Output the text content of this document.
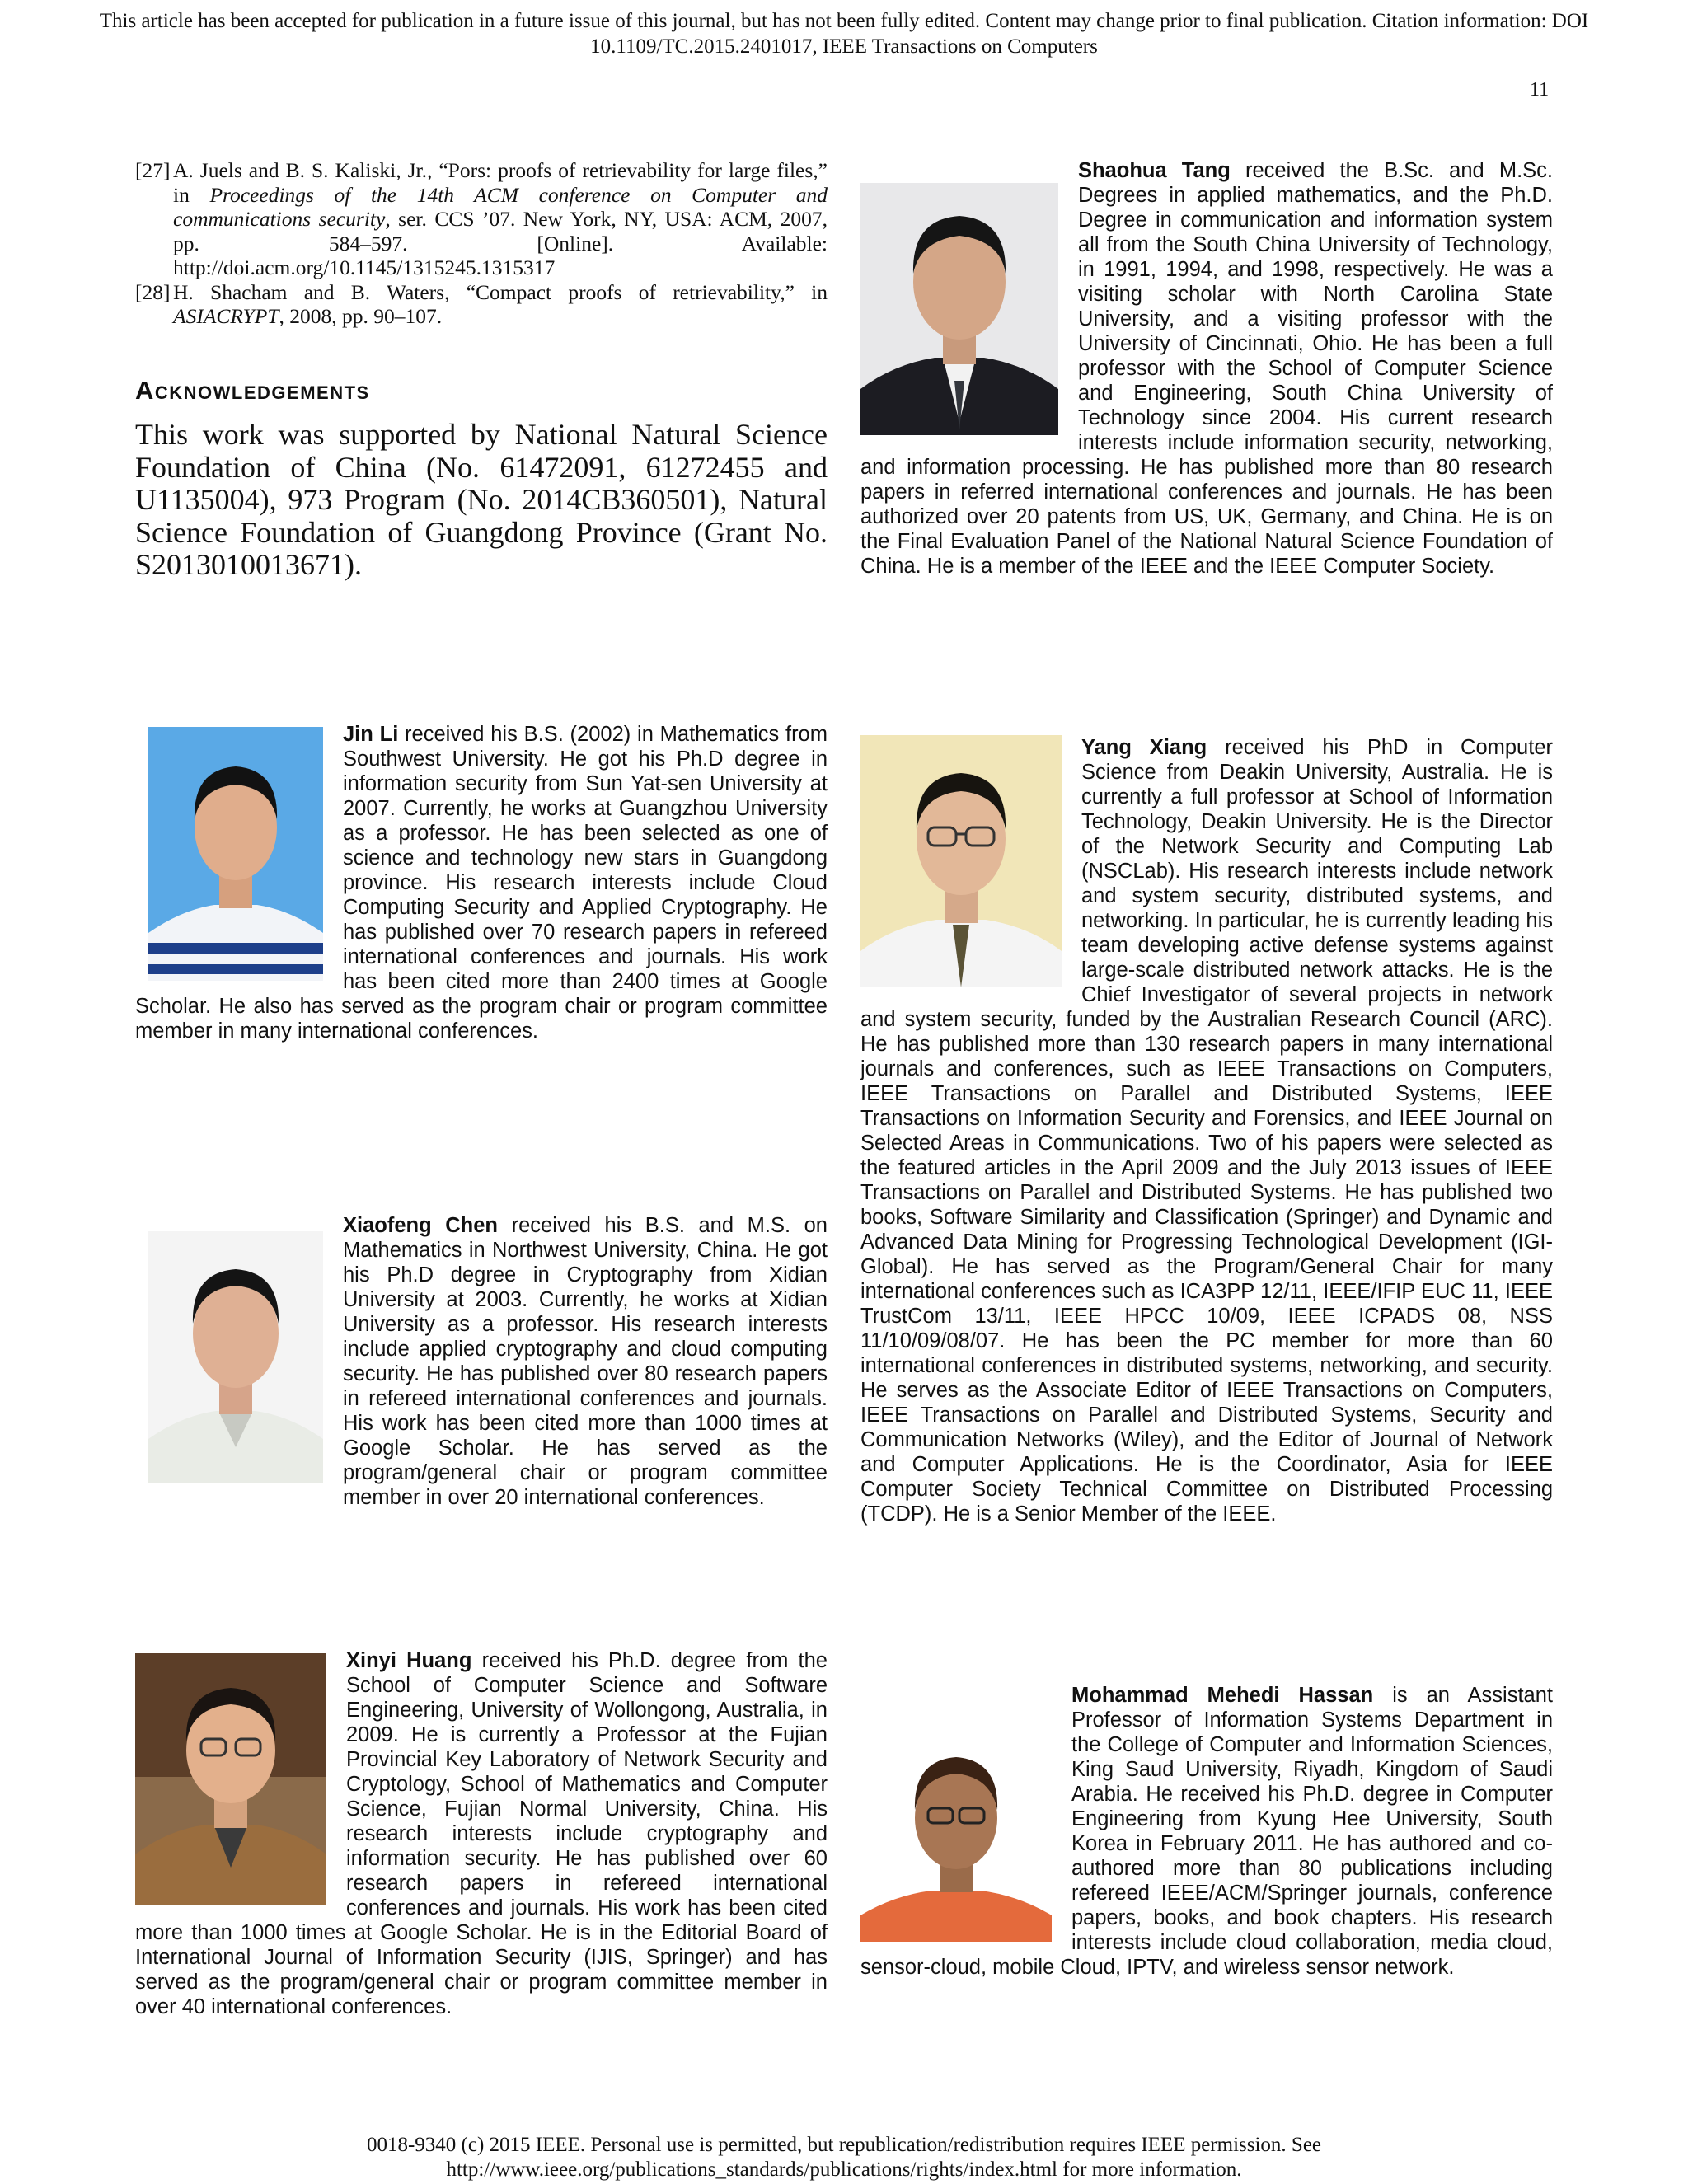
This article has been accepted for publication in a future issue of this journal, but has not been fully edited. Content may change prior to final publication. Citation information: DOI
10.1109/TC.2015.2401017, IEEE Transactions on Computers
11
[27] A. Juels and B. S. Kaliski, Jr., “Pors: proofs of retrievability for large files,” in Proceedings of the 14th ACM conference on Computer and communications security, ser. CCS ’07. New York, NY, USA: ACM, 2007, pp. 584–597. [Online]. Available: http://doi.acm.org/10.1145/1315245.1315317
[28] H. Shacham and B. Waters, “Compact proofs of retrievability,” in ASIACRYPT, 2008, pp. 90–107.
Acknowledgements
This work was supported by National Natural Science Foundation of China (No. 61472091, 61272455 and U1135004), 973 Program (No. 2014CB360501), Natural Science Foundation of Guangdong Province (Grant No. S2013010013671).
Shaohua Tang received the B.Sc. and M.Sc. Degrees in applied mathematics, and the Ph.D. Degree in communication and information system all from the South China University of Technology, in 1991, 1994, and 1998, respectively. He was a visiting scholar with North Carolina State University, and a visiting professor with the University of Cincinnati, Ohio. He has been a full professor with the School of Computer Science and Engineering, South China University of Technology since 2004. His current research interests include information security, networking, and information processing. He has published more than 80 research papers in referred international conferences and journals. He has been authorized over 20 patents from US, UK, Germany, and China. He is on the Final Evaluation Panel of the National Natural Science Foundation of China. He is a member of the IEEE and the IEEE Computer Society.
Jin Li received his B.S. (2002) in Mathematics from Southwest University. He got his Ph.D degree in information security from Sun Yat-sen University at 2007. Currently, he works at Guangzhou University as a professor. He has been selected as one of science and technology new stars in Guangdong province. His research interests include Cloud Computing Security and Applied Cryptography. He has published over 70 research papers in refereed international conferences and journals. His work has been cited more than 2400 times at Google Scholar. He also has served as the program chair or program committee member in many international conferences.
Yang Xiang received his PhD in Computer Science from Deakin University, Australia. He is currently a full professor at School of Information Technology, Deakin University. He is the Director of the Network Security and Computing Lab (NSCLab). His research interests include network and system security, distributed systems, and networking. In particular, he is currently leading his team developing active defense systems against large-scale distributed network attacks. He is the Chief Investigator of several projects in network and system security, funded by the Australian Research Council (ARC). He has published more than 130 research papers in many international journals and conferences, such as IEEE Transactions on Computers, IEEE Transactions on Parallel and Distributed Systems, IEEE Transactions on Information Security and Forensics, and IEEE Journal on Selected Areas in Communications. Two of his papers were selected as the featured articles in the April 2009 and the July 2013 issues of IEEE Transactions on Parallel and Distributed Systems. He has published two books, Software Similarity and Classification (Springer) and Dynamic and Advanced Data Mining for Progressing Technological Development (IGI-Global). He has served as the Program/General Chair for many international conferences such as ICA3PP 12/11, IEEE/IFIP EUC 11, IEEE TrustCom 13/11, IEEE HPCC 10/09, IEEE ICPADS 08, NSS 11/10/09/08/07. He has been the PC member for more than 60 international conferences in distributed systems, networking, and security. He serves as the Associate Editor of IEEE Transactions on Computers, IEEE Transactions on Parallel and Distributed Systems, Security and Communication Networks (Wiley), and the Editor of Journal of Network and Computer Applications. He is the Coordinator, Asia for IEEE Computer Society Technical Committee on Distributed Processing (TCDP). He is a Senior Member of the IEEE.
Xiaofeng Chen received his B.S. and M.S. on Mathematics in Northwest University, China. He got his Ph.D degree in Cryptography from Xidian University at 2003. Currently, he works at Xidian University as a professor. His research interests include applied cryptography and cloud computing security. He has published over 80 research papers in refereed international conferences and journals. His work has been cited more than 1000 times at Google Scholar. He has served as the program/general chair or program committee member in over 20 international conferences.
Xinyi Huang received his Ph.D. degree from the School of Computer Science and Software Engineering, University of Wollongong, Australia, in 2009. He is currently a Professor at the Fujian Provincial Key Laboratory of Network Security and Cryptology, School of Mathematics and Computer Science, Fujian Normal University, China. His research interests include cryptography and information security. He has published over 60 research papers in refereed international conferences and journals. His work has been cited more than 1000 times at Google Scholar. He is in the Editorial Board of International Journal of Information Security (IJIS, Springer) and has served as the program/general chair or program committee member in over 40 international conferences.
Mohammad Mehedi Hassan is an Assistant Professor of Information Systems Department in the College of Computer and Information Sciences, King Saud University, Riyadh, Kingdom of Saudi Arabia. He received his Ph.D. degree in Computer Engineering from Kyung Hee University, South Korea in February 2011. He has authored and co-authored more than 80 publications including refereed IEEE/ACM/Springer journals, conference papers, books, and book chapters. His research interests include cloud collaboration, media cloud, sensor-cloud, mobile Cloud, IPTV, and wireless sensor network.
0018-9340 (c) 2015 IEEE. Personal use is permitted, but republication/redistribution requires IEEE permission. See
http://www.ieee.org/publications_standards/publications/rights/index.html for more information.
